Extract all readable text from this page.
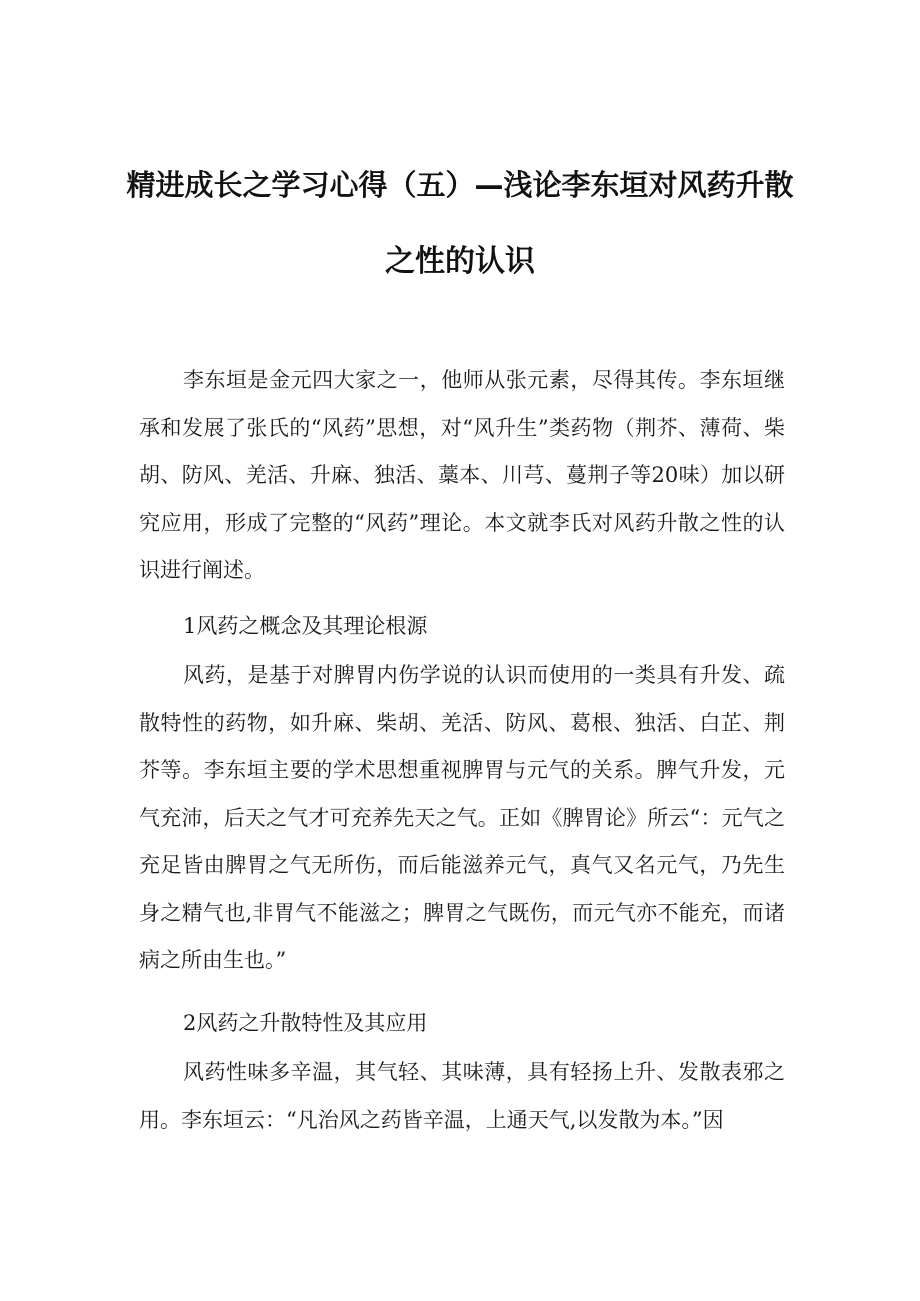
精进成长之学习心得（五）—浅论李东垣对风药升散
之性的认识

李东垣是金元四大家之一，他师从张元素，尽得其传。李东垣继承和发展了张氏的“风药”思想，对“风升生”类药物（荆芥、薄荷、柴胡、防风、羌活、升麻、独活、藁本、川芎、蔓荆子等20味）加以研究应用，形成了完整的“风药”理论。本文就李氏对风药升散之性的认识进行阐述。

1风药之概念及其理论根源

风药，是基于对脾胃内伤学说的认识而使用的一类具有升发、疏散特性的药物，如升麻、柴胡、羌活、防风、葛根、独活、白芷、荆芥等。李东垣主要的学术思想重视脾胃与元气的关系。脾气升发，元气充沛，后天之气才可充养先天之气。正如《脾胃论》所云“：元气之充足皆由脾胃之气无所伤，而后能滋养元气，真气又名元气，乃先生身之精气也,非胃气不能滋之；脾胃之气既伤，而元气亦不能充，而诸病之所由生也。”

2风药之升散特性及其应用

风药性味多辛温，其气轻、其味薄，具有轻扬上升、发散表邪之用。李东垣云：“凡治风之药皆辛温，上通天气,以发散为本。”因
